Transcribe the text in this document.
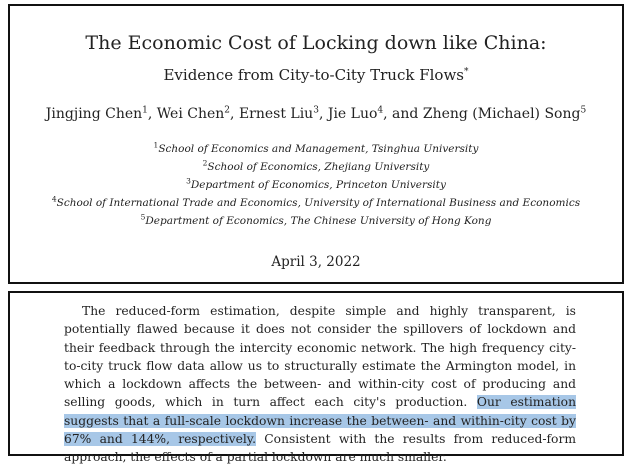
The Economic Cost of Locking down like China:
Evidence from City-to-City Truck Flows*
Jingjing Chen$^1$, Wei Chen$^2$, Ernest Liu$^3$, Jie Luo$^4$, and Zheng (Michael) Song$^5$
$^1$School of Economics and Management, Tsinghua University
$^2$School of Economics, Zhejiang University
$^3$Department of Economics, Princeton University
$^4$School of International Trade and Economics, University of International Business and Economics
$^5$Department of Economics, The Chinese University of Hong Kong
April 3, 2022

The reduced-form estimation, despite simple and highly transparent, is potentially flawed because it does not consider the spillovers of lockdown and their feedback through the intercity economic network. The high frequency city-to-city truck flow data allow us to structurally estimate the Armington model, in which a lockdown affects the between- and within-city cost of producing and selling goods, which in turn affect each city's production. Our estimation suggests that a full-scale lockdown increase the between- and within-city cost by 67% and 144%, respectively. Consistent with the results from reduced-form approach, the effects of a partial lockdown are much smaller.
